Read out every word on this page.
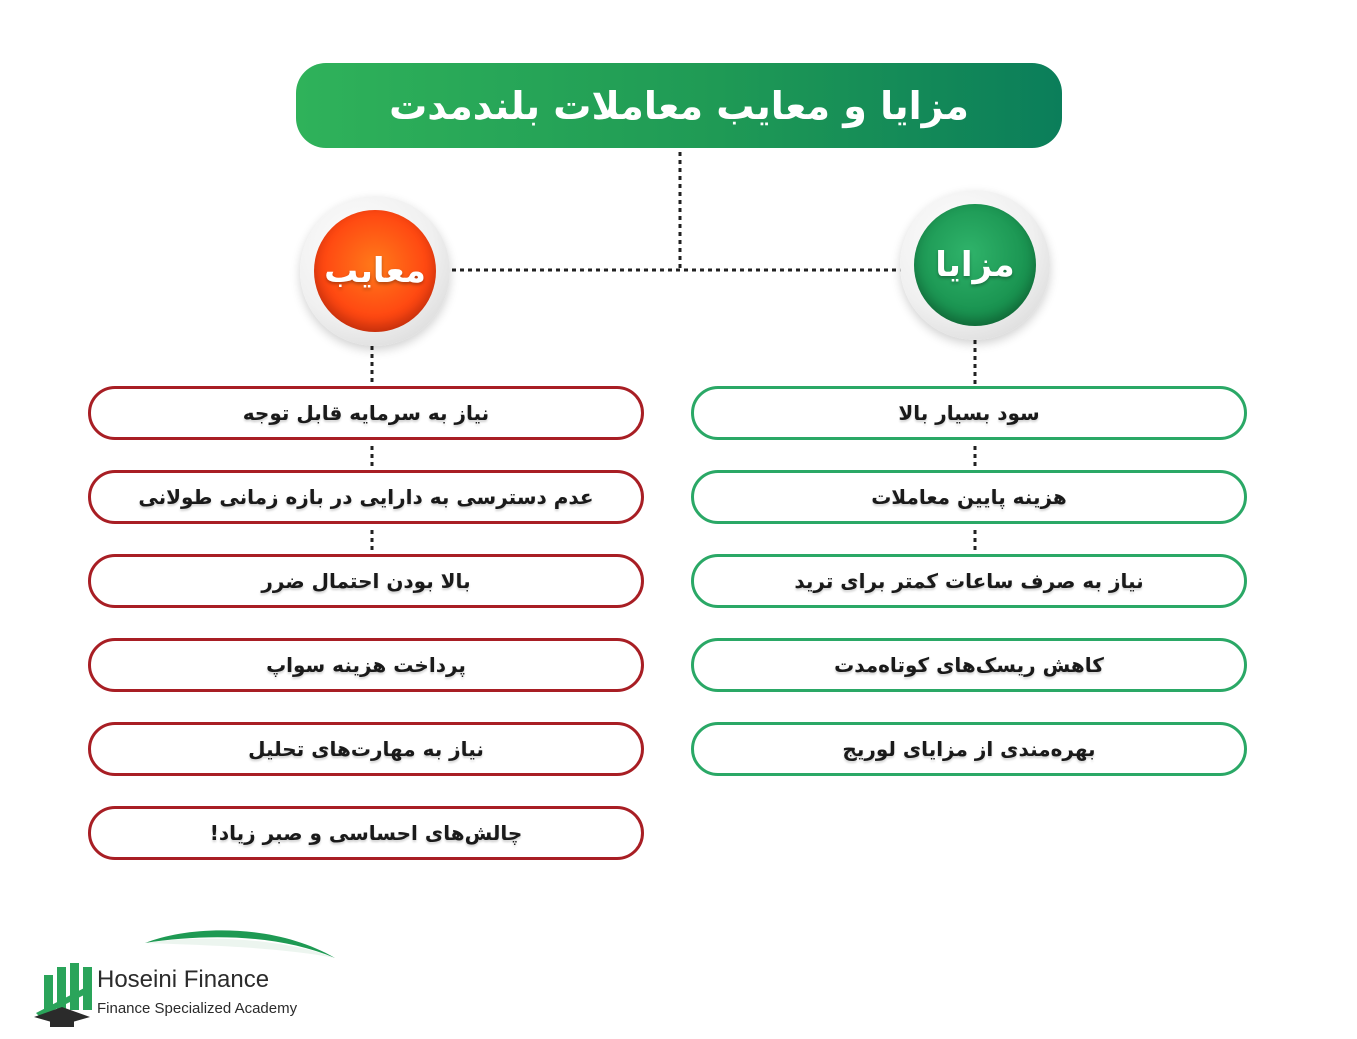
مزایا و معایب معاملات بلندمدت
مزایا
معایب
سود بسیار بالا
هزینه پایین معاملات
نیاز به صرف ساعات کمتر برای ترید
کاهش ریسک‌های کوتاه‌مدت
بهره‌مندی از مزایای لوریج
نیاز به سرمایه قابل توجه
عدم دسترسی به دارایی در بازه زمانی طولانی
بالا بودن احتمال ضرر
پرداخت هزینه سواپ
نیاز به مهارت‌های تحلیل
چالش‌های احساسی و صبر زیاد!
Hoseini Finance
Finance Specialized Academy
